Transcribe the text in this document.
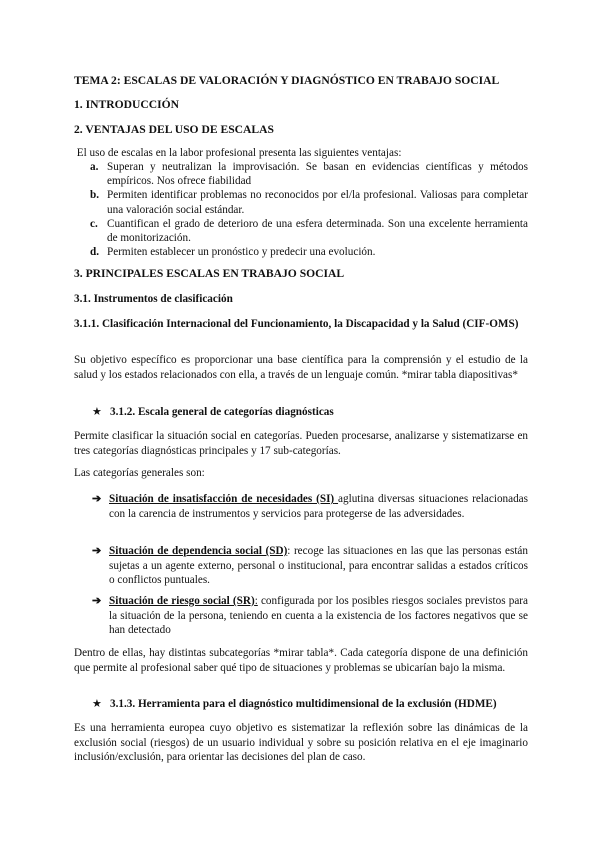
TEMA 2: ESCALAS DE VALORACIÓN Y DIAGNÓSTICO EN TRABAJO SOCIAL
1. INTRODUCCIÓN
2. VENTAJAS DEL USO DE ESCALAS
El uso de escalas en la labor profesional presenta las siguientes ventajas:
a. Superan y neutralizan la improvisación. Se basan en evidencias científicas y métodos empíricos. Nos ofrece fiabilidad
b. Permiten identificar problemas no reconocidos por el/la profesional. Valiosas para completar una valoración social estándar.
c. Cuantifican el grado de deterioro de una esfera determinada. Son una excelente herramienta de monitorización.
d. Permiten establecer un pronóstico y predecir una evolución.
3. PRINCIPALES ESCALAS EN TRABAJO SOCIAL
3.1. Instrumentos de clasificación
3.1.1. Clasificación Internacional del Funcionamiento, la Discapacidad y la Salud (CIF-OMS)
Su objetivo específico es proporcionar una base científica para la comprensión y el estudio de la salud y los estados relacionados con ella, a través de un lenguaje común. *mirar tabla diapositivas*
★ 3.1.2. Escala general de categorías diagnósticas
Permite clasificar la situación social en categorías. Pueden procesarse, analizarse y sistematizarse en tres categorías diagnósticas principales y 17 sub-categorías.
Las categorías generales son:
➔ Situación de insatisfacción de necesidades (SI) aglutina diversas situaciones relacionadas con la carencia de instrumentos y servicios para protegerse de las adversidades.
➔ Situación de dependencia social (SD): recoge las situaciones en las que las personas están sujetas a un agente externo, personal o institucional, para encontrar salidas a estados críticos o conflictos puntuales.
➔ Situación de riesgo social (SR): configurada por los posibles riesgos sociales previstos para la situación de la persona, teniendo en cuenta a la existencia de los factores negativos que se han detectado
Dentro de ellas, hay distintas subcategorías *mirar tabla*. Cada categoría dispone de una definición que permite al profesional saber qué tipo de situaciones y problemas se ubicarían bajo la misma.
★ 3.1.3. Herramienta para el diagnóstico multidimensional de la exclusión (HDME)
Es una herramienta europea cuyo objetivo es sistematizar la reflexión sobre las dinámicas de la exclusión social (riesgos) de un usuario individual y sobre su posición relativa en el eje imaginario inclusión/exclusión, para orientar las decisiones del plan de caso.
